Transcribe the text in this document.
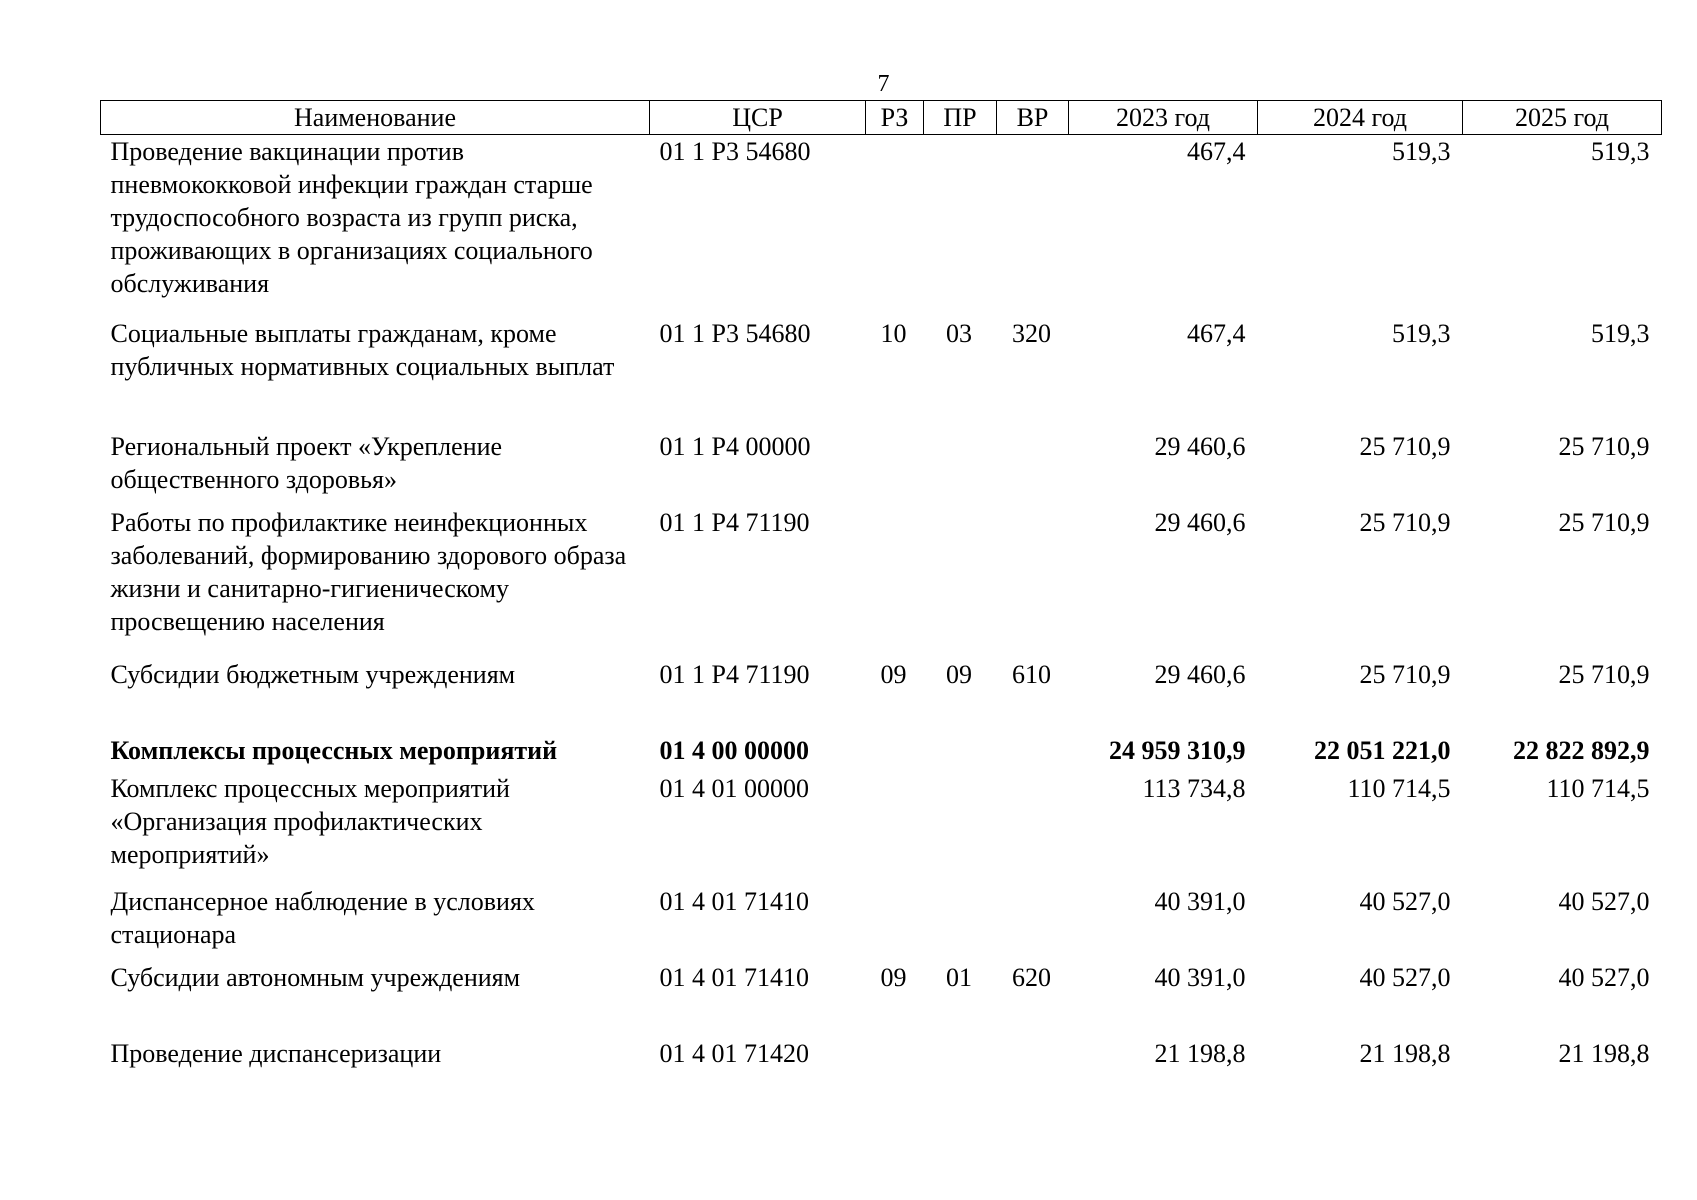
7
Наименование	ЦСР	РЗ	ПР	ВР	2023 год	2024 год	2025 год
Проведение вакцинации против пневмококковой инфекции граждан старше трудоспособного возраста из групп риска, проживающих в организациях социального обслуживания	01 1 Р3 54680				467,4	519,3	519,3
Социальные выплаты гражданам, кроме публичных нормативных социальных выплат	01 1 Р3 54680	10	03	320	467,4	519,3	519,3
Региональный проект «Укрепление общественного здоровья»	01 1 Р4 00000				29 460,6	25 710,9	25 710,9
Работы по профилактике неинфекционных заболеваний, формированию здорового образа жизни и санитарно-гигиеническому просвещению населения	01 1 Р4 71190				29 460,6	25 710,9	25 710,9
Субсидии бюджетным учреждениям	01 1 Р4 71190	09	09	610	29 460,6	25 710,9	25 710,9
Комплексы процессных мероприятий	01 4 00 00000				24 959 310,9	22 051 221,0	22 822 892,9
Комплекс процессных мероприятий «Организация профилактических мероприятий»	01 4 01 00000				113 734,8	110 714,5	110 714,5
Диспансерное наблюдение в условиях стационара	01 4 01 71410				40 391,0	40 527,0	40 527,0
Субсидии автономным учреждениям	01 4 01 71410	09	01	620	40 391,0	40 527,0	40 527,0
Проведение диспансеризации	01 4 01 71420				21 198,8	21 198,8	21 198,8
